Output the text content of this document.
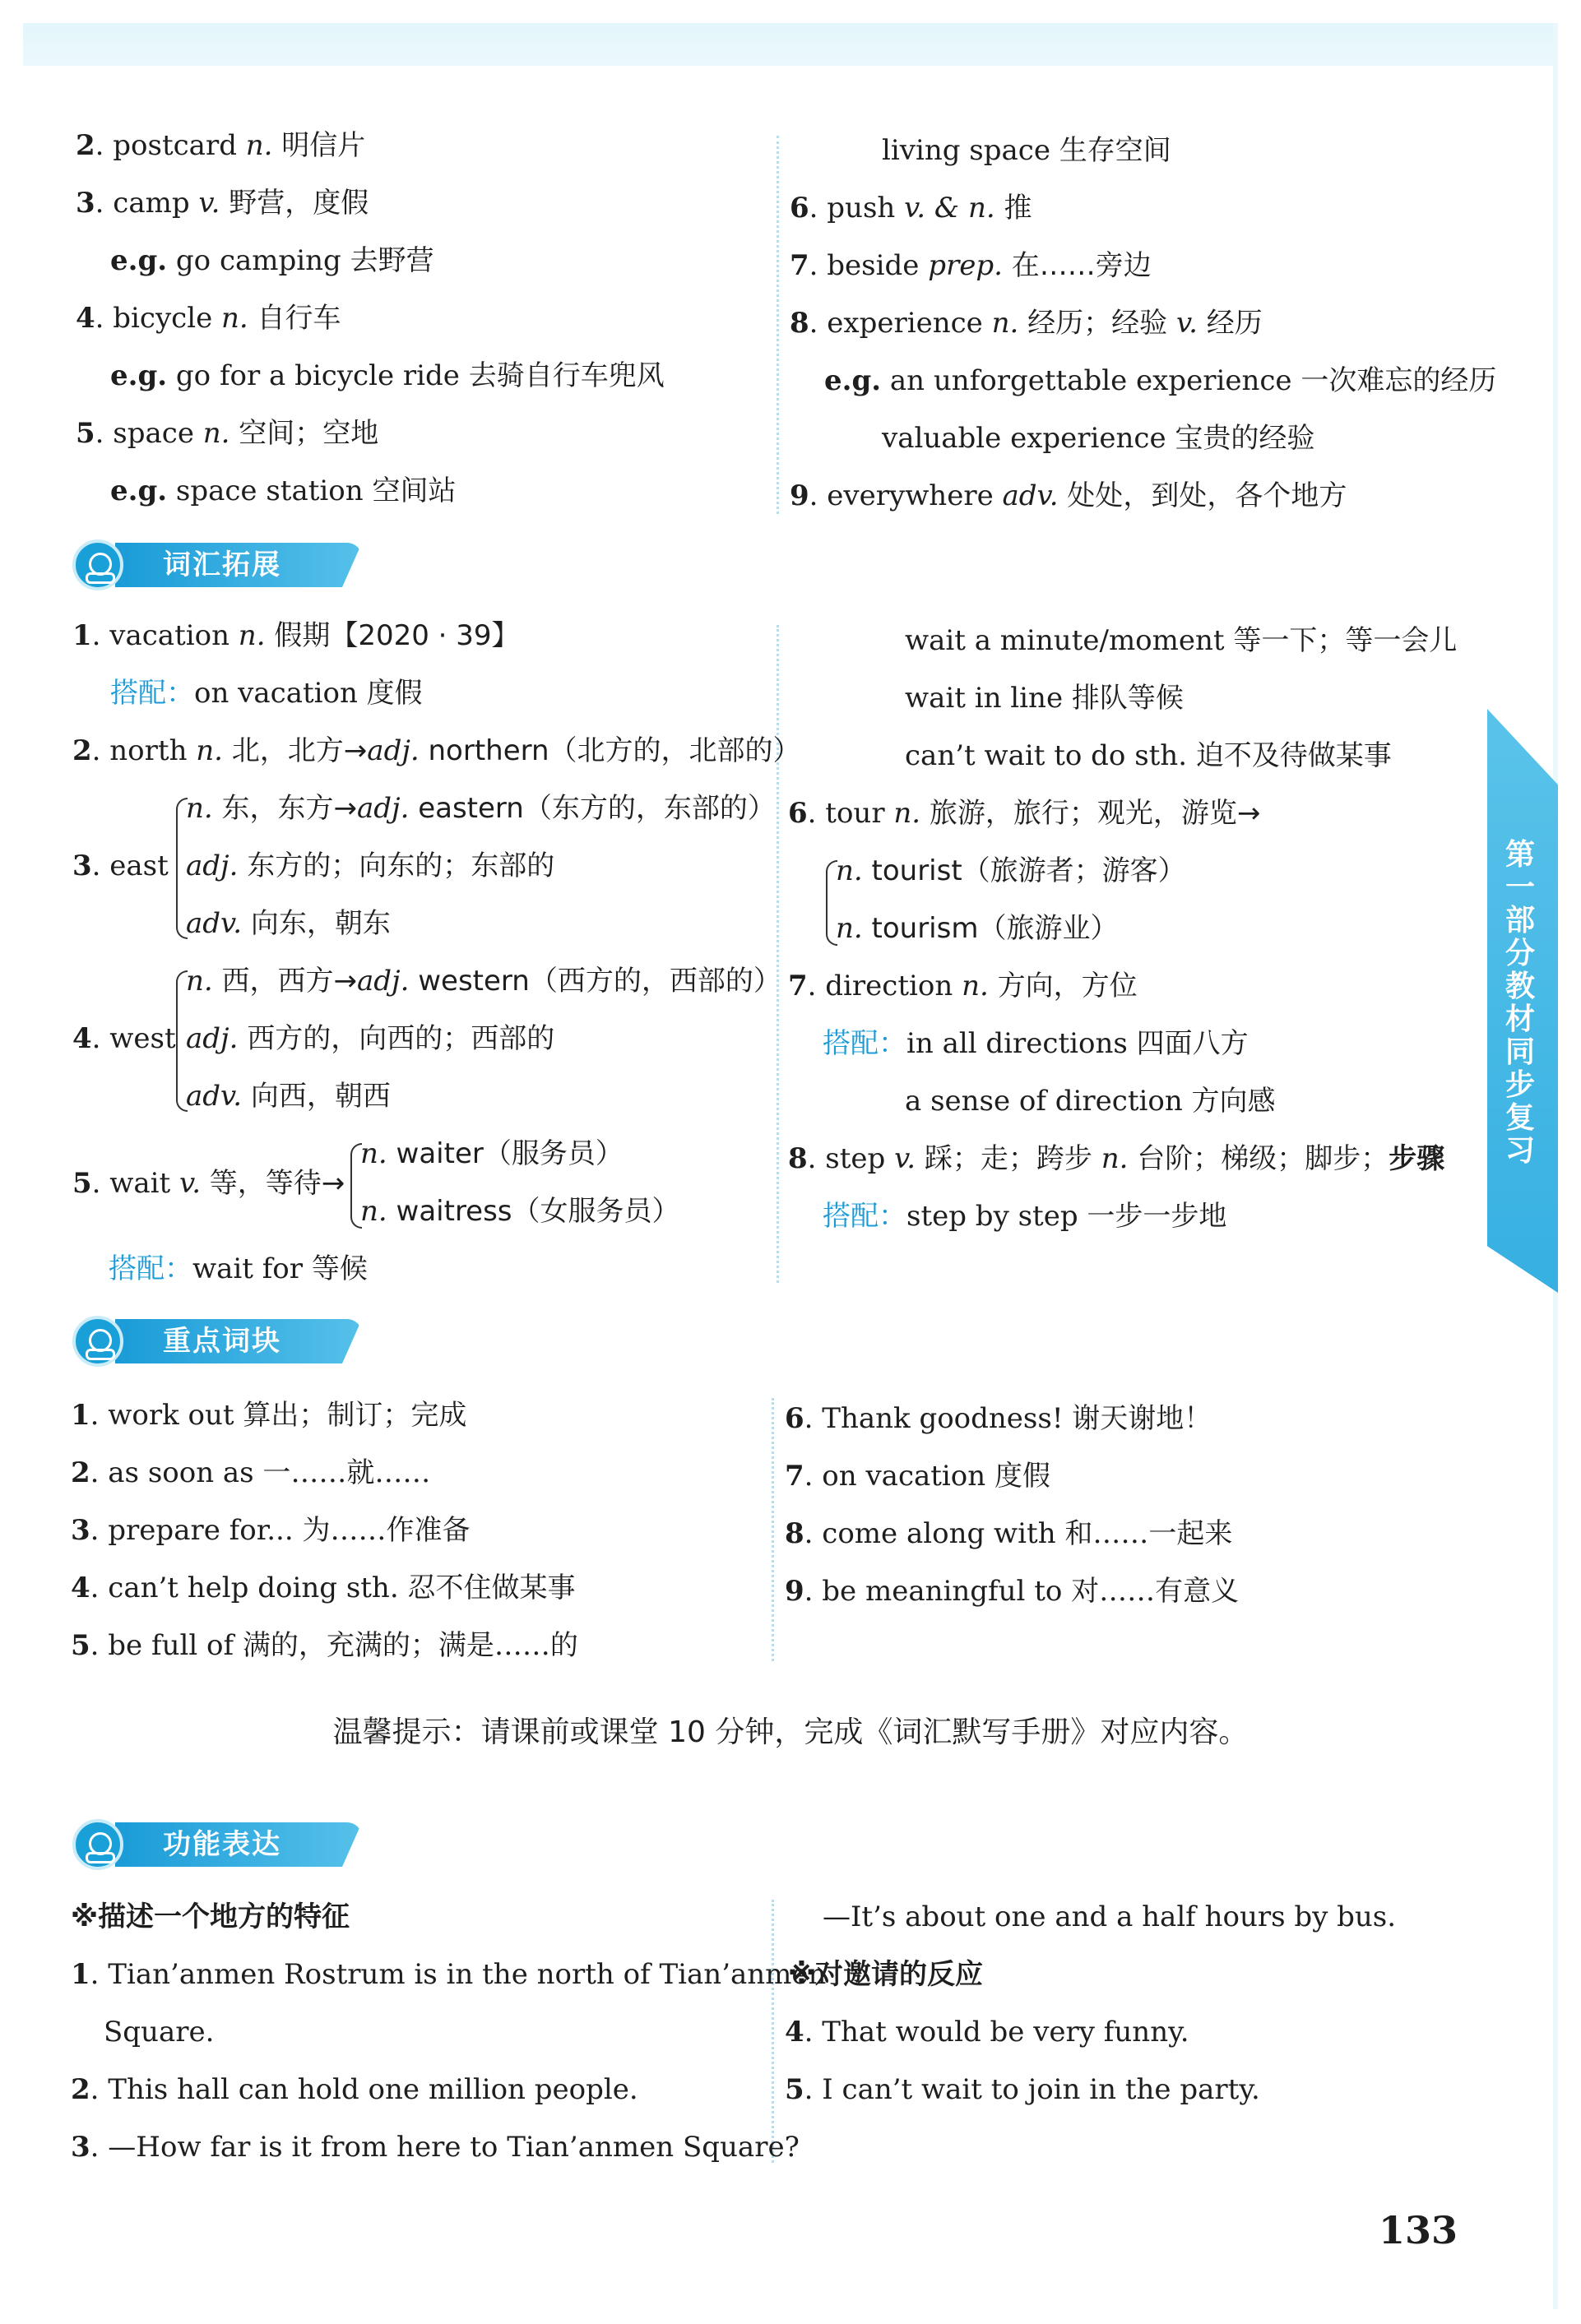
第一部分 教材同步复习
2. postcard n. 明信片
3. camp v. 野营，度假
e.g. go camping 去野营
4. bicycle n. 自行车
e.g. go for a bicycle ride 去骑自行车兜风
5. space n. 空间；空地
e.g. space station 空间站
living space 生存空间
6. push v. & n. 推
7. beside prep. 在……旁边
8. experience n. 经历；经验 v. 经历
e.g. an unforgettable experience 一次难忘的经历
valuable experience 宝贵的经验
9. everywhere adv. 处处，到处，各个地方
词汇拓展
1. vacation n. 假期【2020 · 39】
搭配：on vacation 度假
2. north n. 北，北方→adj. northern（北方的，北部的）
3. east
n. 东，东方→adj. eastern（东方的，东部的）
adj. 东方的；向东的；东部的
adv. 向东，朝东
4. west
n. 西，西方→adj. western（西方的，西部的）
adj. 西方的，向西的；西部的
adv. 向西，朝西
5. wait v. 等，等待→
n. waiter（服务员）
n. waitress（女服务员）
搭配：wait for 等候
wait a minute/moment 等一下；等一会儿
wait in line 排队等候
can’t wait to do sth. 迫不及待做某事
6. tour n. 旅游，旅行；观光，游览→
n. tourist（旅游者；游客）
n. tourism（旅游业）
7. direction n. 方向，方位
搭配：in all directions 四面八方
a sense of direction 方向感
8. step v. 踩；走；跨步 n. 台阶；梯级；脚步；步骤
搭配：step by step 一步一步地
重点词块
1. work out 算出；制订；完成
2. as soon as 一……就……
3. prepare for... 为……作准备
4. can’t help doing sth. 忍不住做某事
5. be full of 满的，充满的；满是……的
6. Thank goodness! 谢天谢地！
7. on vacation 度假
8. come along with 和……一起来
9. be meaningful to 对……有意义
温馨提示：请课前或课堂 10 分钟，完成《词汇默写手册》对应内容。
功能表达
※描述一个地方的特征
1. Tian’anmen Rostrum is in the north of Tian’anmen
Square.
2. This hall can hold one million people.
3. —How far is it from here to Tian’anmen Square?
—It’s about one and a half hours by bus.
※对邀请的反应
4. That would be very funny.
5. I can’t wait to join in the party.
133
